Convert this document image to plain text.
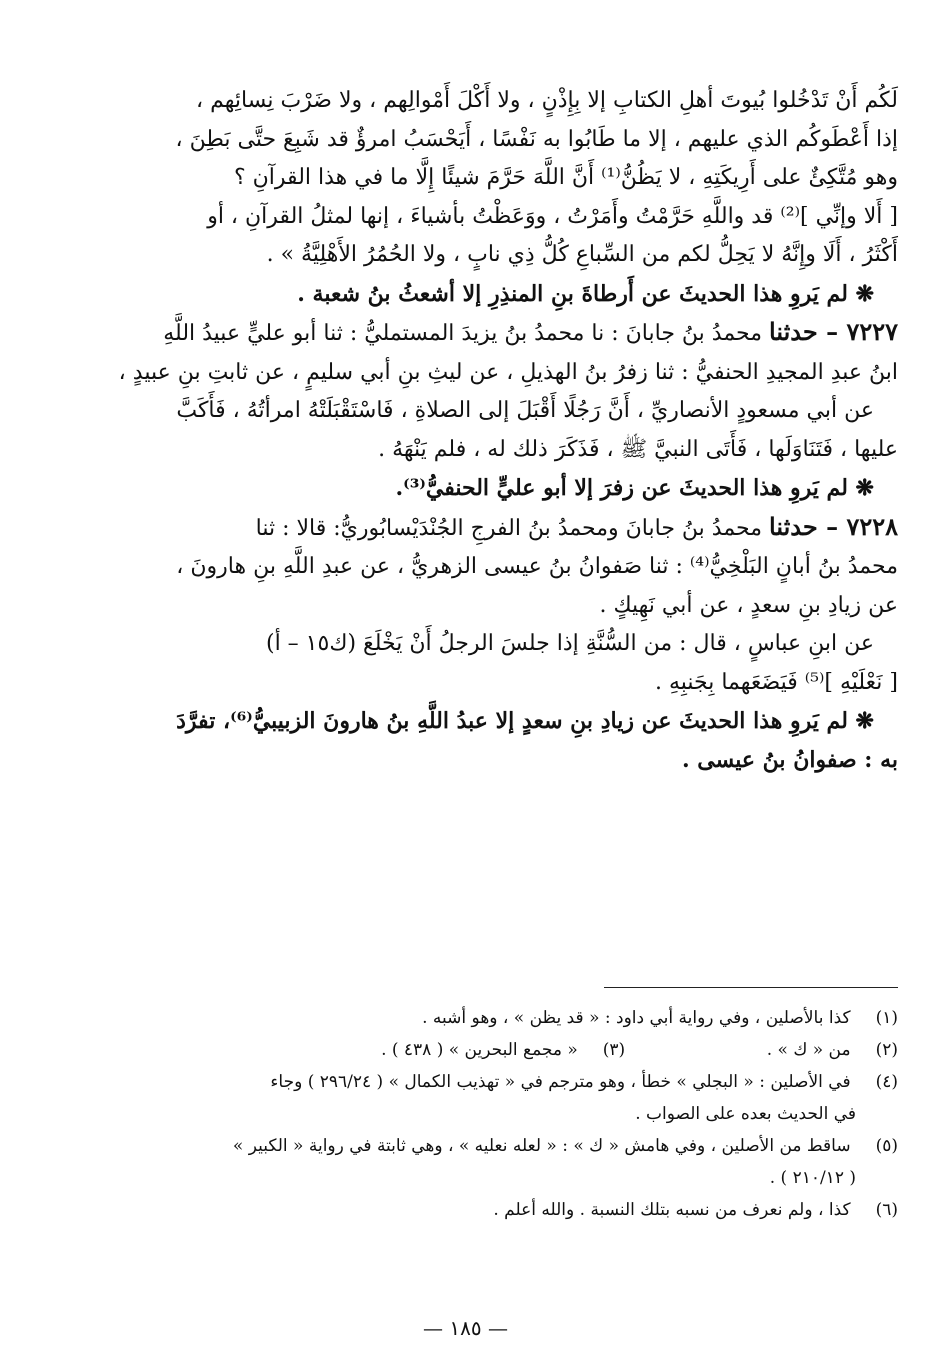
لَكُم أَنْ تَدْخُلوا بُيوتَ أهلِ الكتابِ إلا بِإِذْنٍ ، ولا أَكْلَ أَمْوالِهم ، ولا ضَرْبَ نِسائِهم ،

إذا أَعْطَوكُم الذي عليهم ، إلا ما طَابُوا به نَفْسًا ، أَيَحْسَبُ امرؤٌ قد شَبِعَ حتَّى بَطِنَ ،

وهو مُتَّكِئٌ على أَرِيكَتِهِ ، لا يَظُنُّ⁽¹⁾ أَنَّ اللَّهَ حَرَّمَ شيئًا إِلَّا ما في هذا القرآنِ ؟

[ أَلا وإنِّي ]⁽²⁾ قد واللَّهِ حَرَّمْتُ وأَمَرْتُ ، ووَعَظْتُ بأشياءَ ، إنها لمثلُ القرآنِ ، أو

أَكْثَرُ ، أَلَا وإِنَّهُ لا يَحِلُّ لكم من السِّباعِ كُلُّ ذِي نابٍ ، ولا الحُمُرُ الأَهْلِيَّةُ » .

❋ لم يَروِ هذا الحديثَ عن أَرطاةَ بنِ المنذِرِ إلا أشعثُ بنُ شعبة .

٧٢٢٧ – حدثنا محمدُ بنُ جابانَ : نا محمدُ بنُ يزيدَ المستمليُّ : ثنا أبو عليٍّ عبيدُ اللَّهِ

ابنُ عبدِ المجيدِ الحنفيُّ : ثنا زفرُ بنُ الهذيلِ ، عن ليثِ بنِ أبي سليمٍ ، عن ثابتِ بنِ عبيدٍ ،

عن أبي مسعودٍ الأنصاريِّ ، أَنَّ رَجُلًا أَقْبَلَ إلى الصلاةِ ، فَاسْتَقْبَلَتْهُ امرأتُهُ ، فَأَكَبَّ

عليها ، فَتَنَاوَلَها ، فَأَتَى النبيَّ ﷺ ، فَذَكَرَ ذلك له ، فلم يَنْهَهُ .

❋ لم يَروِ هذا الحديثَ عن زفرَ إلا أبو عليٍّ الحنفيُّ⁽³⁾.

٧٢٢٨ – حدثنا محمدُ بنُ جابانَ ومحمدُ بنُ الفرجِ الجُنْدَيْسابُوريُّ: قالا : ثنا

محمدُ بنُ أبانٍ البَلْخِيُّ⁽⁴⁾ : ثنا صَفوانُ بنُ عيسى الزهريُّ ، عن عبدِ اللَّهِ بنِ هارونَ ،

عن زيادِ بنِ سعدٍ ، عن أبي نَهِيكٍ .

عن ابنِ عباسٍ ، قال : من السُّنَّةِ إذا جلسَ الرجلُ أَنْ يَخْلَعَ (ك١٥ – أ)

[ نَعْلَيْهِ ]⁽⁵⁾ فَيَضَعَهما بِجَنبِهِ .

❋ لم يَروِ هذا الحديثَ عن زيادِ بنِ سعدٍ إلا عبدُ اللَّهِ بنُ هارونَ الزبيبيُّ⁽⁶⁾، تفرَّدَ

به : صفوانُ بنُ عيسى .

(١) كذا بالأصلين ، وفي رواية أبي داود : « قد يظن » ، وهو أشبه .

(٢) من « ك » . (٣) « مجمع البحرين » ( ٤٣٨ ) .

(٤) في الأصلين : « البجلي » خطأ ، وهو مترجم في « تهذيب الكمال » ( ٢٩٦/٢٤ ) وجاء

في الحديث بعده على الصواب .

(٥) ساقط من الأصلين ، وفي هامش « ك » : « لعله نعليه » ، وهي ثابتة في رواية « الكبير »

( ٢١٠/١٢ ) .

(٦) كذا ، ولم نعرف من نسبه بتلك النسبة . والله أعلم .

— ١٨٥ —
